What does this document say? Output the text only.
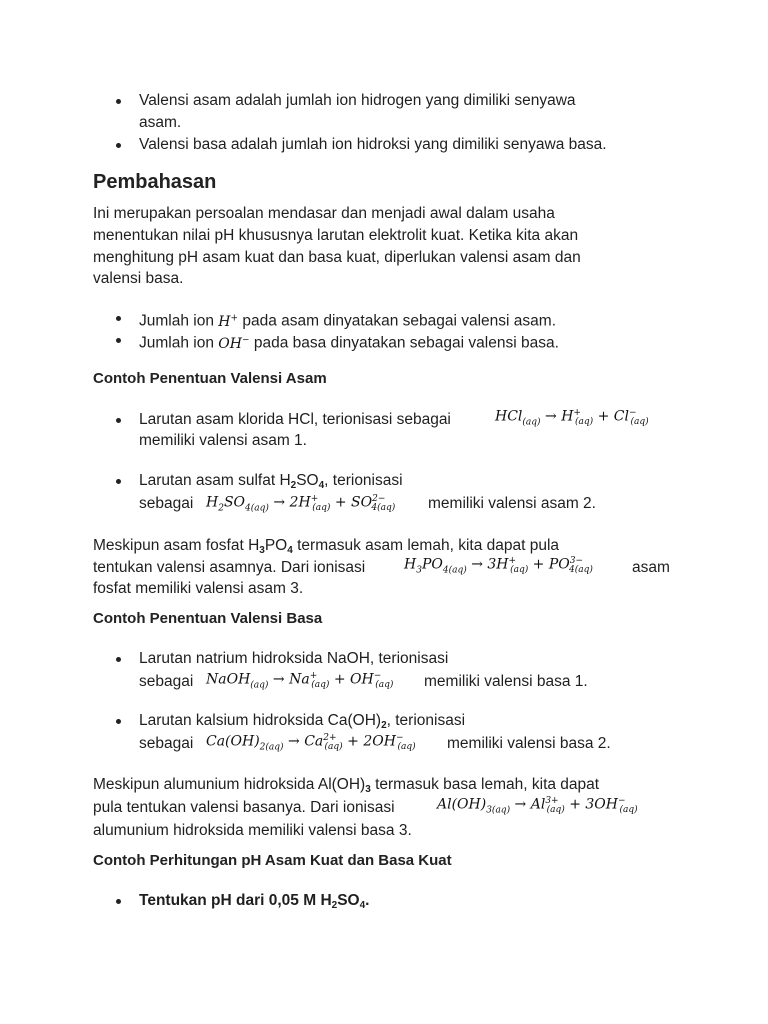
Valensi asam adalah jumlah ion hidrogen yang dimiliki senyawa
asam.
Valensi basa adalah jumlah ion hidroksi yang dimiliki senyawa basa.
Pembahasan
Ini merupakan persoalan mendasar dan menjadi awal dalam usaha
menentukan nilai pH khususnya larutan elektrolit kuat. Ketika kita akan
menghitung pH asam kuat dan basa kuat, diperlukan valensi asam dan
valensi basa.
Jumlah ion H+ pada asam dinyatakan sebagai valensi asam.
Jumlah ion OH− pada basa dinyatakan sebagai valensi basa.
Contoh Penentuan Valensi Asam
Larutan asam klorida HCl, terionisasi sebagai	$HCl_{(aq)} \to H^+_{(aq)} + Cl^-_{(aq)}$
memiliki valensi asam 1.
Larutan asam sulfat $H_2SO_4$, terionisasi
sebagai $H_2SO_{4(aq)} \to 2H^+_{(aq)} + SO^{2-}_{4(aq)}$ memiliki valensi asam 2.
Meskipun asam fosfat $H_3PO_4$ termasuk asam lemah, kita dapat pula
tentukan valensi asamnya. Dari ionisasi	$H_3PO_{4(aq)} \to 3H^+_{(aq)} + PO^{3-}_{4(aq)}$	asam
fosfat memiliki valensi asam 3.
Contoh Penentuan Valensi Basa
Larutan natrium hidroksida NaOH, terionisasi
sebagai NaOH$_{(aq)}$ → $Na^+_{(aq)} + OH^-_{(aq)}$ memiliki valensi basa 1.
Larutan kalsium hidroksida $Ca(OH)_2$, terionisasi
sebagai $Ca(OH)_{2(aq)} \to Ca^{2+}_{(aq)} + 2OH^-_{(aq)}$ memiliki valensi basa 2.
Meskipun alumunium hidroksida $Al(OH)_3$ termasuk basa lemah, kita dapat
pula tentukan valensi basanya. Dari ionisasi	$Al(OH)_{3(aq)} \to Al^{3+}_{(aq)} + 3OH^-_{(aq)}$
alumunium hidroksida memiliki valensi basa 3.
Contoh Perhitungan pH Asam Kuat dan Basa Kuat
Tentukan pH dari 0,05 M $H_2SO_4$.
